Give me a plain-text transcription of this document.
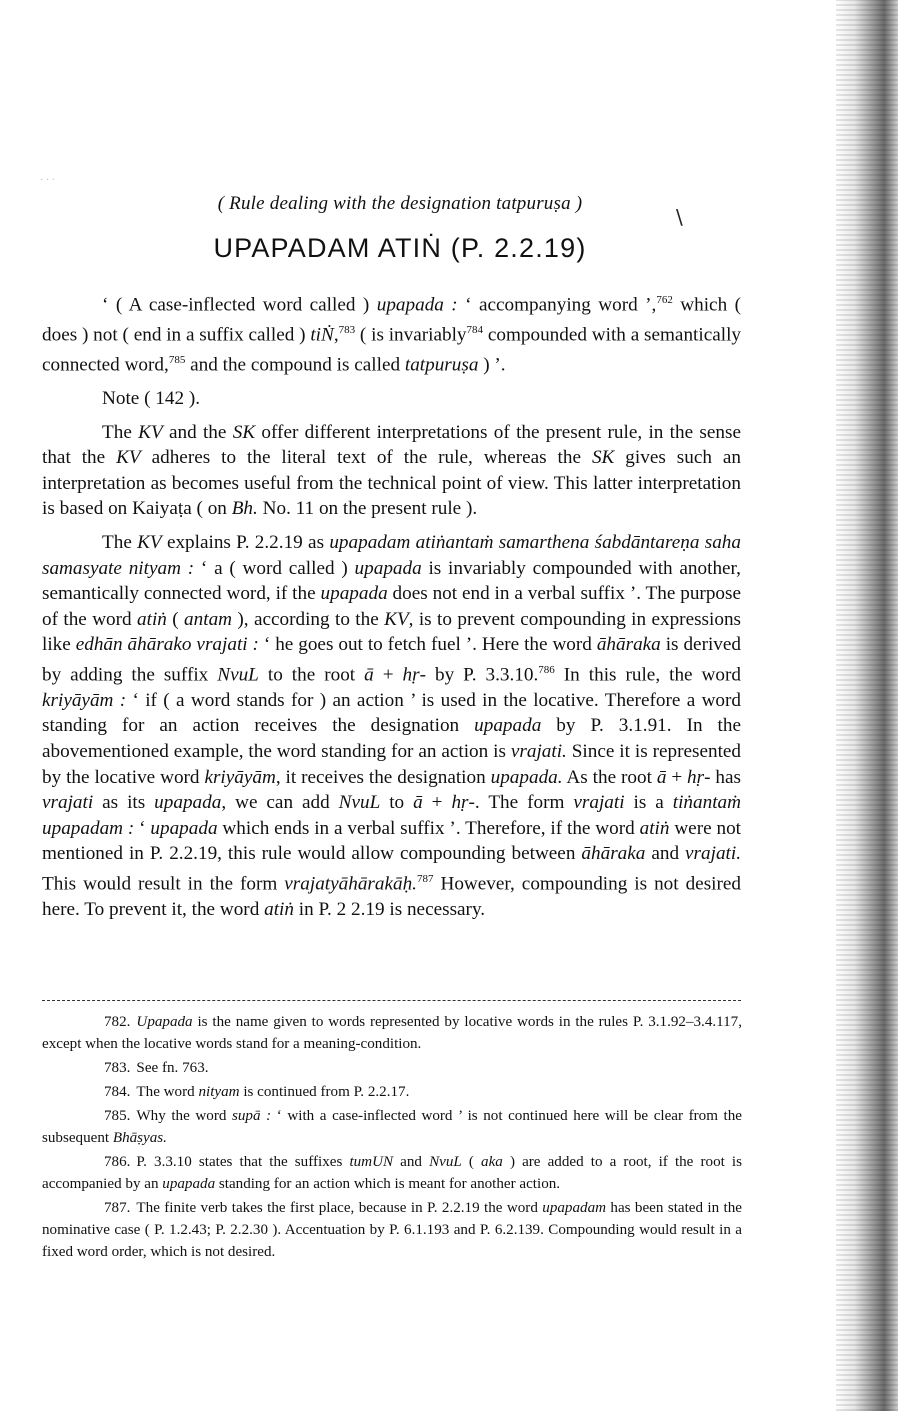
· · ·
\
( Rule dealing with the designation tatpuruṣa )
UPAPADAM ATIṄ (P. 2.2.19)

‘ ( A case-inflected word called ) upapada : ‘ accompanying word ’,$^{762}$ which ( does ) not ( end in a suffix called ) tiṄ,$^{783}$ ( is invariably$^{784}$ compounded with a semantically connected word,$^{785}$ and the compound is called tatpuruṣa ) ’.

Note ( 142 ).

The KV and the SK offer different interpretations of the present rule, in the sense that the KV adheres to the literal text of the rule, whereas the SK gives such an interpretation as becomes useful from the technical point of view. This latter interpretation is based on Kaiyaṭa ( on Bh. No. 11 on the present rule ).

The KV explains P. 2.2.19 as upapadam atiṅantaṁ samarthena śabdāntareṇa saha samasyate nityam : ‘ a ( word called ) upapada is invariably compounded with another, semantically connected word, if the upapada does not end in a verbal suffix ’. The purpose of the word atiṅ ( antam ), according to the KV, is to prevent compounding in expressions like edhān āhārako vrajati : ‘ he goes out to fetch fuel ’. Here the word āhāraka is derived by adding the suffix NvuL to the root ā + hṛ- by P. 3.3.10.$^{786}$ In this rule, the word kriyāyām : ‘ if ( a word stands for ) an action ’ is used in the locative. Therefore a word standing for an action receives the designation upapada by P. 3.1.91. In the abovementioned example, the word standing for an action is vrajati. Since it is represented by the locative word kriyāyām, it receives the designation upapada. As the root ā + hṛ- has vrajati as its upapada, we can add NvuL to ā + hṛ-. The form vrajati is a tiṅantaṁ upapadam : ‘ upapada which ends in a verbal suffix ’. Therefore, if the word atiṅ were not mentioned in P. 2.2.19, this rule would allow compounding between āhāraka and vrajati. This would result in the form vrajatyāhārakāḥ.$^{787}$ However, compounding is not desired here. To prevent it, the word atiṅ in P. 2 2.19 is necessary.

782. Upapada is the name given to words represented by locative words in the rules P. 3.1.92–3.4.117, except when the locative words stand for a meaning-condition.

783. See fn. 763.

784. The word nityam is continued from P. 2.2.17.

785. Why the word supā : ‘ with a case-inflected word ’ is not continued here will be clear from the subsequent Bhāṣyas.

786. P. 3.3.10 states that the suffixes tumUN and NvuL ( aka ) are added to a root, if the root is accompanied by an upapada standing for an action which is meant for another action.

787. The finite verb takes the first place, because in P. 2.2.19 the word upapadam has been stated in the nominative case ( P. 1.2.43; P. 2.2.30 ). Accentuation by P. 6.1.193 and P. 6.2.139. Compounding would result in a fixed word order, which is not desired.
